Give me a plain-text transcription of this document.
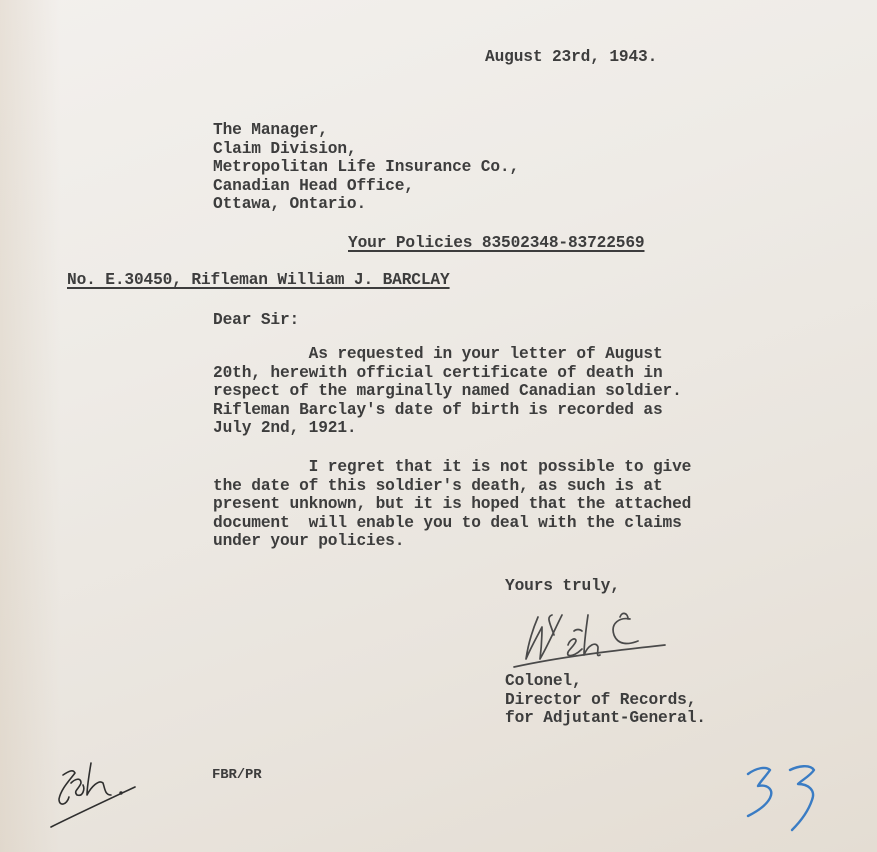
August 23rd, 1943.
The Manager,
Claim Division,
Metropolitan Life Insurance Co.,
Canadian Head Office,
Ottawa, Ontario.
Your Policies 83502348-83722569
No. E.30450, Rifleman William J. BARCLAY
Dear Sir:
As requested in your letter of August
20th, herewith official certificate of death in
respect of the marginally named Canadian soldier.
Rifleman Barclay's date of birth is recorded as
July 2nd, 1921.
I regret that it is not possible to give
the date of this soldier's death, as such is at
present unknown, but it is hoped that the attached
document  will enable you to deal with the claims
under your policies.
Yours truly,
Colonel,
Director of Records,
for Adjutant-General.
FBR/PR
